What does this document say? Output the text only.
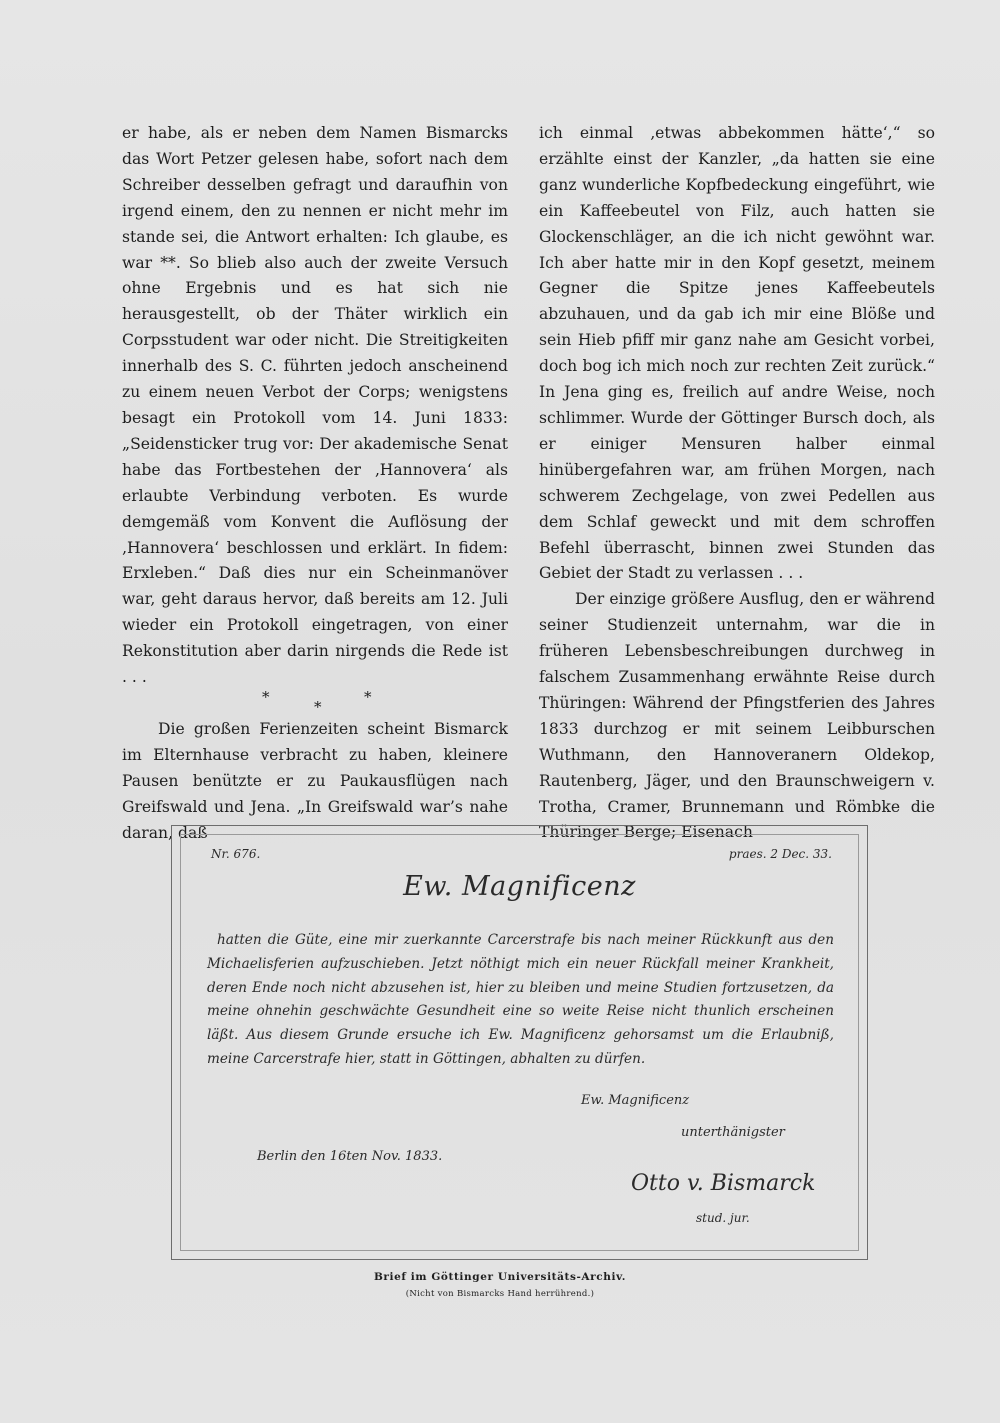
er habe, als er neben dem Namen Bismarcks das Wort Petzer gelesen habe, sofort nach dem Schreiber desselben gefragt und daraufhin von irgend einem, den zu nennen er nicht mehr im stande sei, die Antwort erhalten: Ich glaube, es war **. So blieb also auch der zweite Versuch ohne Ergebnis und es hat sich nie herausgestellt, ob der Thäter wirklich ein Corpsstudent war oder nicht. Die Streitigkeiten innerhalb des S. C. führten jedoch anscheinend zu einem neuen Verbot der Corps; wenigstens besagt ein Protokoll vom 14. Juni 1833: „Seidensticker trug vor: Der akademische Senat habe das Fortbestehen der ‚Hannovera‘ als erlaubte Verbindung verboten. Es wurde demgemäß vom Konvent die Auflösung der ‚Hannovera‘ beschlossen und erklärt. In fidem: Erxleben.“ Daß dies nur ein Scheinmanöver war, geht daraus hervor, daß bereits am 12. Juli wieder ein Protokoll eingetragen, von einer Rekonstitution aber darin nirgends die Rede ist . . .

*
*
*

Die großen Ferienzeiten scheint Bismarck im Elternhause verbracht zu haben, kleinere Pausen benützte er zu Paukausflügen nach Greifswald und Jena. „In Greifswald war’s nahe daran, daß

ich einmal ‚etwas abbekommen hätte‘,“ so erzählte einst der Kanzler, „da hatten sie eine ganz wunderliche Kopfbedeckung eingeführt, wie ein Kaffeebeutel von Filz, auch hatten sie Glockenschläger, an die ich nicht gewöhnt war. Ich aber hatte mir in den Kopf gesetzt, meinem Gegner die Spitze jenes Kaffeebeutels abzuhauen, und da gab ich mir eine Blöße und sein Hieb pfiff mir ganz nahe am Gesicht vorbei, doch bog ich mich noch zur rechten Zeit zurück.“ In Jena ging es, freilich auf andre Weise, noch schlimmer. Wurde der Göttinger Bursch doch, als er einiger Mensuren halber einmal hinübergefahren war, am frühen Morgen, nach schwerem Zechgelage, von zwei Pedellen aus dem Schlaf geweckt und mit dem schroffen Befehl überrascht, binnen zwei Stunden das Gebiet der Stadt zu verlassen . . .

Der einzige größere Ausflug, den er während seiner Studienzeit unternahm, war die in früheren Lebensbeschreibungen durchweg in falschem Zusammenhang erwähnte Reise durch Thüringen: Während der Pfingstferien des Jahres 1833 durchzog er mit seinem Leibburschen Wuthmann, den Hannoveranern Oldekop, Rautenberg, Jäger, und den Braunschweigern v. Trotha, Cramer, Brunnemann und Römbke die Thüringer Berge; Eisenach

Nr. 676.	praes. 2 Dec. 33.
Ew. Magnificenz

hatten die Güte, eine mir zuerkannte Carcerstrafe bis nach meiner Rückkunft aus den Michaelisferien aufzuschieben. Jetzt nöthigt mich ein neuer Rückfall meiner Krankheit, deren Ende noch nicht abzusehen ist, hier zu bleiben und meine Studien fortzusetzen, da meine ohnehin geschwächte Gesundheit eine so weite Reise nicht thunlich erscheinen läßt. Aus diesem Grunde ersuche ich Ew. Magnificenz gehorsamst um die Erlaubniß, meine Carcerstrafe hier, statt in Göttingen, abhalten zu dürfen.

Ew. Magnificenz
unterthänigster
Berlin den 16ten Nov. 1833.
Otto v. Bismarck
stud. jur.
Brief im Göttinger Universitäts-Archiv.
(Nicht von Bismarcks Hand herrührend.)
